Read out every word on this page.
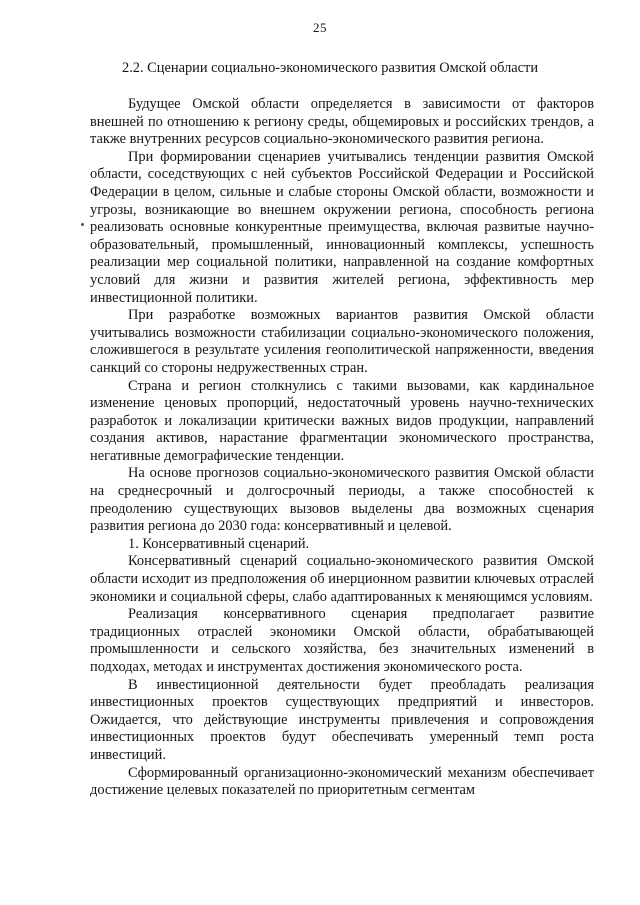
25
2.2. Сценарии социально-экономического развития Омской области

Будущее Омской области определяется в зависимости от факторов внешней по отношению к региону среды, общемировых и российских трендов, а также внутренних ресурсов социально-экономического развития региона.

При формировании сценариев учитывались тенденции развития Омской области, соседствующих с ней субъектов Российской Федерации и Российской Федерации в целом, сильные и слабые стороны Омской области, возможности и угрозы, возникающие во внешнем окружении региона, способность региона реализовать основные конкурентные преимущества, включая развитые научно-образовательный, промышленный, инновационный комплексы, успешность реализации мер социальной политики, направленной на создание комфортных условий для жизни и развития жителей региона, эффективность мер инвестиционной политики.

При разработке возможных вариантов развития Омской области учитывались возможности стабилизации социально-экономического положения, сложившегося в результате усиления геополитической напряженности, введения санкций со стороны недружественных стран.

Страна и регион столкнулись с такими вызовами, как кардинальное изменение ценовых пропорций, недостаточный уровень научно-технических разработок и локализации критически важных видов продукции, направлений создания активов, нарастание фрагментации экономического пространства, негативные демографические тенденции.

На основе прогнозов социально-экономического развития Омской области на среднесрочный и долгосрочный периоды, а также способностей к преодолению существующих вызовов выделены два возможных сценария развития региона до 2030 года: консервативный и целевой.

1. Консервативный сценарий.

Консервативный сценарий социально-экономического развития Омской области исходит из предположения об инерционном развитии ключевых отраслей экономики и социальной сферы, слабо адаптированных к меняющимся условиям.

Реализация консервативного сценария предполагает развитие традиционных отраслей экономики Омской области, обрабатывающей промышленности и сельского хозяйства, без значительных изменений в подходах, методах и инструментах достижения экономического роста.

В инвестиционной деятельности будет преобладать реализация инвестиционных проектов существующих предприятий и инвесторов. Ожидается, что действующие инструменты привлечения и сопровождения инвестиционных проектов будут обеспечивать умеренный темп роста инвестиций.

Сформированный организационно-экономический механизм обеспечивает достижение целевых показателей по приоритетным сегментам
